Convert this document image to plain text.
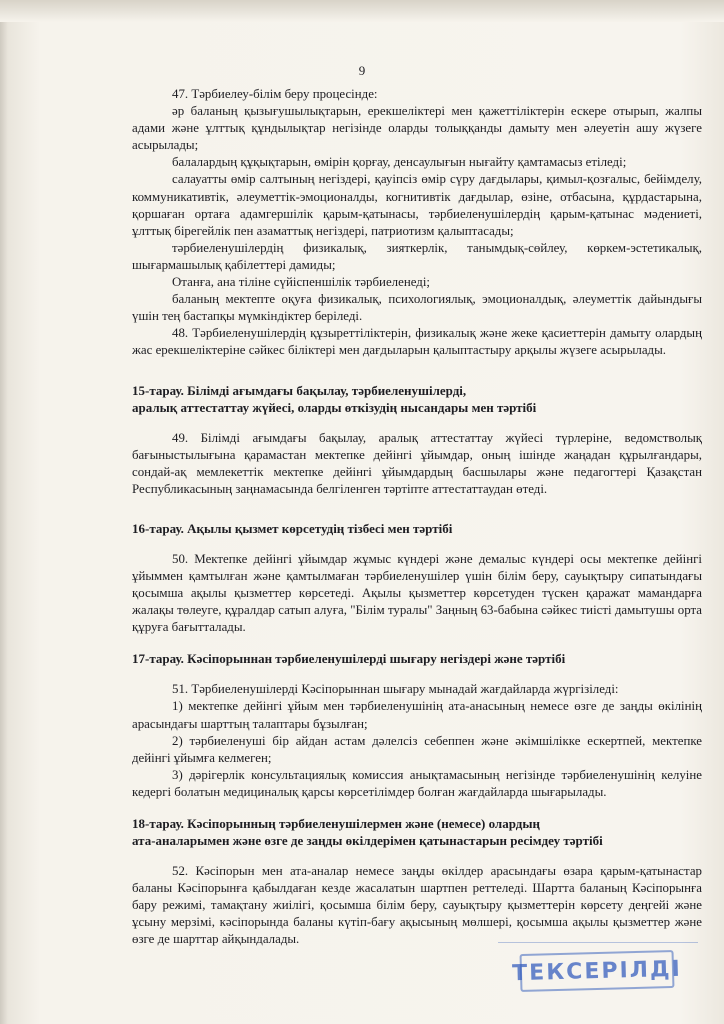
9

47. Тәрбиелеу-білім беру процесінде:

әр баланың қызығушылықтарын, ерекшеліктері мен қажеттіліктерін ескере отырып, жалпы адами және ұлттық құндылықтар негізінде оларды толыққанды дамыту мен әлеуетін ашу жүзеге асырылады;

балалардың құқықтарын, өмірін қорғау, денсаулығын нығайту қамтамасыз етіледі;

салауатты өмір салтының негіздері, қауіпсіз өмір сүру дағдылары, қимыл-қозғалыс, бейімделу, коммуникативтік, әлеуметтік-эмоционалды, когнитивтік дағдылар, өзіне, отбасына, құрдастарына, қоршаған ортаға адамгершілік қарым-қатынасы, тәрбиеленушілердің қарым-қатынас мәдениеті, ұлттық бірегейлік пен азаматтық негіздері, патриотизм қалыптасады;

тәрбиеленушілердің физикалық, зияткерлік, танымдық-сөйлеу, көркем-эстетикалық, шығармашылық қабілеттері дамиды;

Отанға, ана тіліне сүйіспеншілік тәрбиеленеді;

баланың мектепте оқуға физикалық, психологиялық, эмоционалдық, әлеуметтік дайындығы үшін тең бастапқы мүмкіндіктер беріледі.

48. Тәрбиеленушілердің құзыреттіліктерін, физикалық және жеке қасиеттерін дамыту олардың жас ерекшеліктеріне сәйкес біліктері мен дағдыларын қалыптастыру арқылы жүзеге асырылады.

15-тарау. Білімді ағымдағы бақылау, тәрбиеленушілерді,

аралық аттестаттау жүйесі, оларды өткізудің нысандары мен тәртібі

49. Білімді ағымдағы бақылау, аралық аттестаттау жүйесі түрлеріне, ведомстволық бағыныстылығына қарамастан мектепке дейінгі ұйымдар, оның ішінде жаңадан құрылғандары, сондай-ақ мемлекеттік мектепке дейінгі ұйымдардың басшылары және педагогтері Қазақстан Республикасының заңнамасында белгіленген тәртіпте аттестаттаудан өтеді.

16-тарау. Ақылы қызмет көрсетудің тізбесі мен тәртібі

50. Мектепке дейінгі ұйымдар жұмыс күндері және демалыс күндері осы мектепке дейінгі ұйыммен қамтылған және қамтылмаған тәрбиеленушілер үшін білім беру, сауықтыру сипатындағы қосымша ақылы қызметтер көрсетеді. Ақылы қызметтер көрсетуден түскен қаражат мамандарға жалақы төлеуге, құралдар сатып алуға, "Білім туралы" Заңның 63-бабына сәйкес тиісті дамытушы орта құруға бағытталады.

17-тарау. Кәсіпорыннан тәрбиеленушілерді шығару негіздері және тәртібі

51. Тәрбиеленушілерді Кәсіпорыннан шығару мынадай жағдайларда жүргізіледі:

1) мектепке дейінгі ұйым мен тәрбиеленушінің ата-анасының немесе өзге де заңды өкілінің арасындағы шарттың талаптары бұзылған;

2) тәрбиеленуші бір айдан астам дәлелсіз себеппен және әкімшілікке ескертпей, мектепке дейінгі ұйымға келмеген;

3) дәрігерлік консультациялық комиссия анықтамасының негізінде тәрбиеленушінің келуіне кедергі болатын медициналық қарсы көрсетілімдер болған жағдайларда шығарылады.

18-тарау. Кәсіпорынның тәрбиеленушілермен және (немесе) олардың

ата-аналарымен және өзге де заңды өкілдерімен қатынастарын ресімдеу тәртібі

52. Кәсіпорын мен ата-аналар немесе заңды өкілдер арасындағы өзара қарым-қатынастар баланы Кәсіпорынға қабылдаған кезде жасалатын шартпен реттеледі. Шартта баланың Кәсіпорынға бару режимі, тамақтану жиілігі, қосымша білім беру, сауықтыру қызметтерін көрсету деңгейі және ұсыну мерзімі, кәсіпорында баланы күтіп-бағу ақысының мөлшері, қосымша ақылы қызметтер және өзге де шарттар айқындалады.

ТЕКСЕРІЛДІ
